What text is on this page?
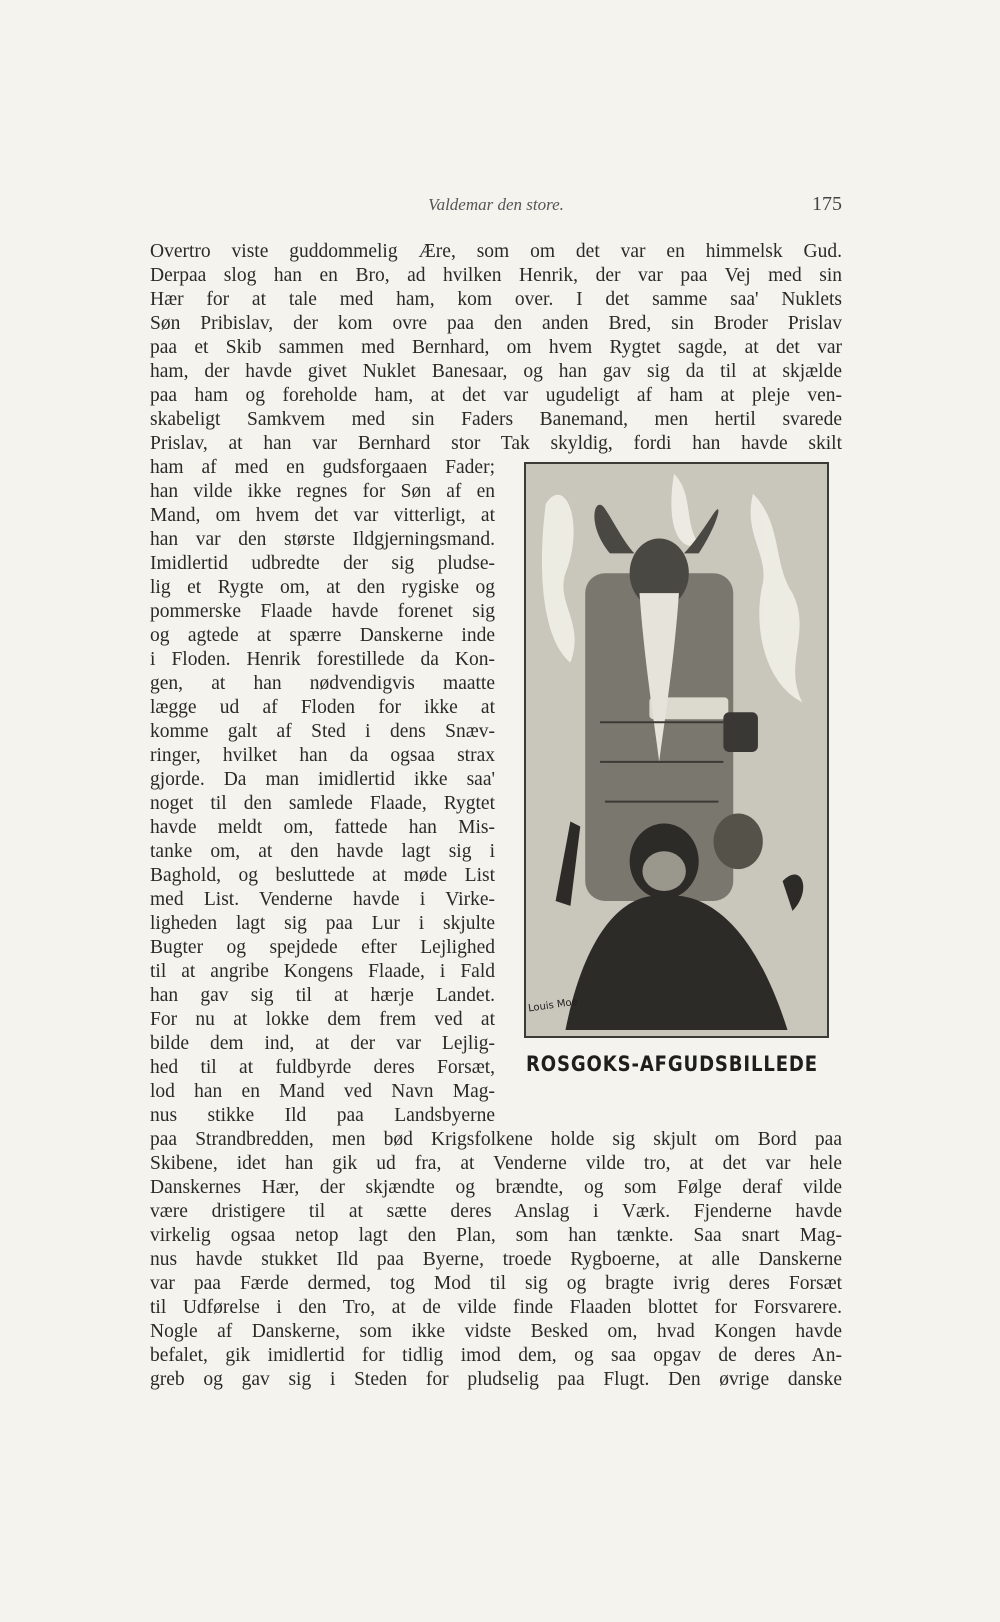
Valdemar den store.	175
Overtro viste guddommelig Ære, som om det var en himmelsk Gud.
Derpaa slog han en Bro, ad hvilken Henrik, der var paa Vej med sin
Hær for at tale med ham, kom over. I det samme saa' Nuklets
Søn Pribislav, der kom ovre paa den anden Bred, sin Broder Prislav
paa et Skib sammen med Bernhard, om hvem Rygtet sagde, at det var
ham, der havde givet Nuklet Banesaar, og han gav sig da til at skjælde
paa ham og foreholde ham, at det var ugudeligt af ham at pleje ven-
skabeligt Samkvem med sin Faders Banemand, men hertil svarede
Prislav, at han var Bernhard stor Tak skyldig, fordi han havde skilt
ham af med en gudsforgaaen Fader;
han vilde ikke regnes for Søn af en
Mand, om hvem det var vitterligt, at
han var den største Ildgjerningsmand.
Imidlertid udbredte der sig pludse-
lig et Rygte om, at den rygiske og
pommerske Flaade havde forenet sig
og agtede at spærre Danskerne inde
i Floden. Henrik forestillede da Kon-
gen, at han nødvendigvis maatte
lægge ud af Floden for ikke at
komme galt af Sted i dens Snæv-
ringer, hvilket han da ogsaa strax
gjorde. Da man imidlertid ikke saa'
noget til den samlede Flaade, Rygtet
havde meldt om, fattede han Mis-
tanke om, at den havde lagt sig i
Baghold, og besluttede at møde List
med List. Venderne havde i Virke-
ligheden lagt sig paa Lur i skjulte
Bugter og spejdede efter Lejlighed
til at angribe Kongens Flaade, i Fald
han gav sig til at hærje Landet.
For nu at lokke dem frem ved at
bilde dem ind, at der var Lejlig-
hed til at fuldbyrde deres Forsæt,
lod han en Mand ved Navn Mag-
nus stikke Ild paa Landsbyerne
paa Strandbredden, men bød Krigsfolkene holde sig skjult om Bord paa
Skibene, idet han gik ud fra, at Venderne vilde tro, at det var hele
Danskernes Hær, der skjændte og brændte, og som Følge deraf vilde
være dristigere til at sætte deres Anslag i Værk. Fjenderne havde
virkelig ogsaa netop lagt den Plan, som han tænkte. Saa snart Mag-
nus havde stukket Ild paa Byerne, troede Rygboerne, at alle Danskerne
var paa Færde dermed, tog Mod til sig og bragte ivrig deres Forsæt
til Udførelse i den Tro, at de vilde finde Flaaden blottet for Forsvarere.
Nogle af Danskerne, som ikke vidste Besked om, hvad Kongen havde
befalet, gik imidlertid for tidlig imod dem, og saa opgav de deres An-
greb og gav sig i Steden for pludselig paa Flugt. Den øvrige danske
Louis Moe
ROSGOKS-AFGUDSBILLEDE
